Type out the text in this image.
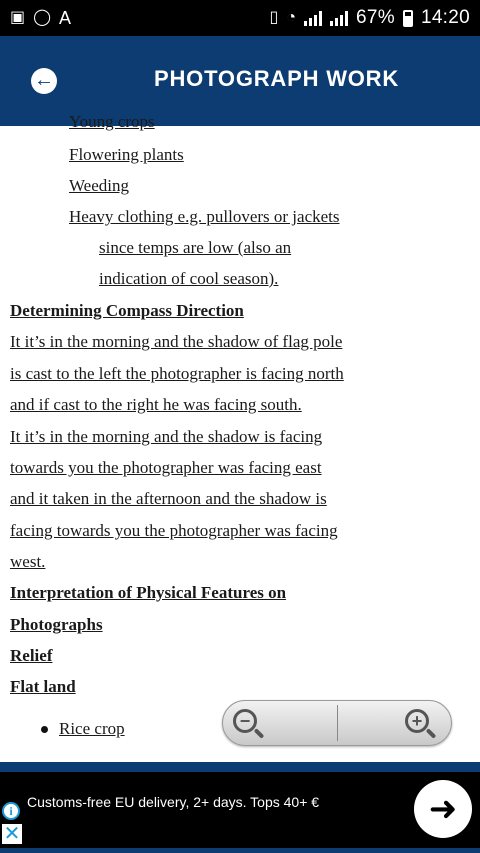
▣ ◯ A	▯ ◔	67% 14:20
←	PHOTOGRAPH WORK
Young crops
Flowering plants
Weeding
Heavy clothing e.g. pullovers or jackets
since temps are low (also an
indication of cool season).
Determining Compass Direction
It it’s in the morning and the shadow of flag pole
is cast to the left the photographer is facing north
and if cast to the right he was facing south.
It it’s in the morning and the shadow is facing
towards you the photographer was facing east
and it taken in the afternoon and the shadow is
facing towards you the photographer was facing
west.
Interpretation of Physical Features on
Photographs
Relief
Flat land
Rice crop	−	+
i
✕
Customs-free EU delivery, 2+ days. Tops 40+ €	➜
